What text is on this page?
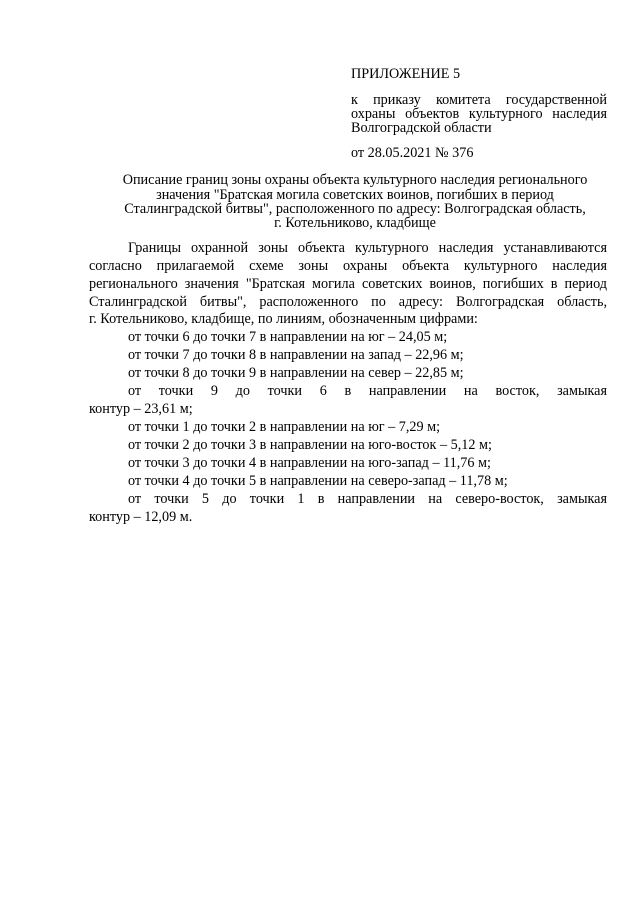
ПРИЛОЖЕНИЕ 5
к приказу комитета государственной
охраны объектов культурного наследия
Волгоградской области
от 28.05.2021 № 376
Описание границ зоны охраны объекта культурного наследия регионального
значения "Братская могила советских воинов, погибших в период
Сталинградской битвы", расположенного по адресу: Волгоградская область,
г. Котельниково, кладбище
Границы охранной зоны объекта культурного наследия устанавливаются
согласно прилагаемой схеме зоны охраны объекта культурного наследия
регионального значения "Братская могила советских воинов, погибших в период
Сталинградской битвы", расположенного по адресу: Волгоградская область,
г. Котельниково, кладбище, по линиям, обозначенным цифрами:
от точки 6 до точки 7 в направлении на юг – 24,05 м;
от точки 7 до точки 8 в направлении на запад – 22,96 м;
от точки 8 до точки 9 в направлении на север – 22,85 м;
от точки 9 до точки 6 в направлении на восток, замыкая
контур – 23,61 м;
от точки 1 до точки 2 в направлении на юг – 7,29 м;
от точки 2 до точки 3 в направлении на юго-восток – 5,12 м;
от точки 3 до точки 4 в направлении на юго-запад – 11,76 м;
от точки 4 до точки 5 в направлении на северо-запад – 11,78 м;
от точки 5 до точки 1 в направлении на северо-восток, замыкая
контур – 12,09 м.
